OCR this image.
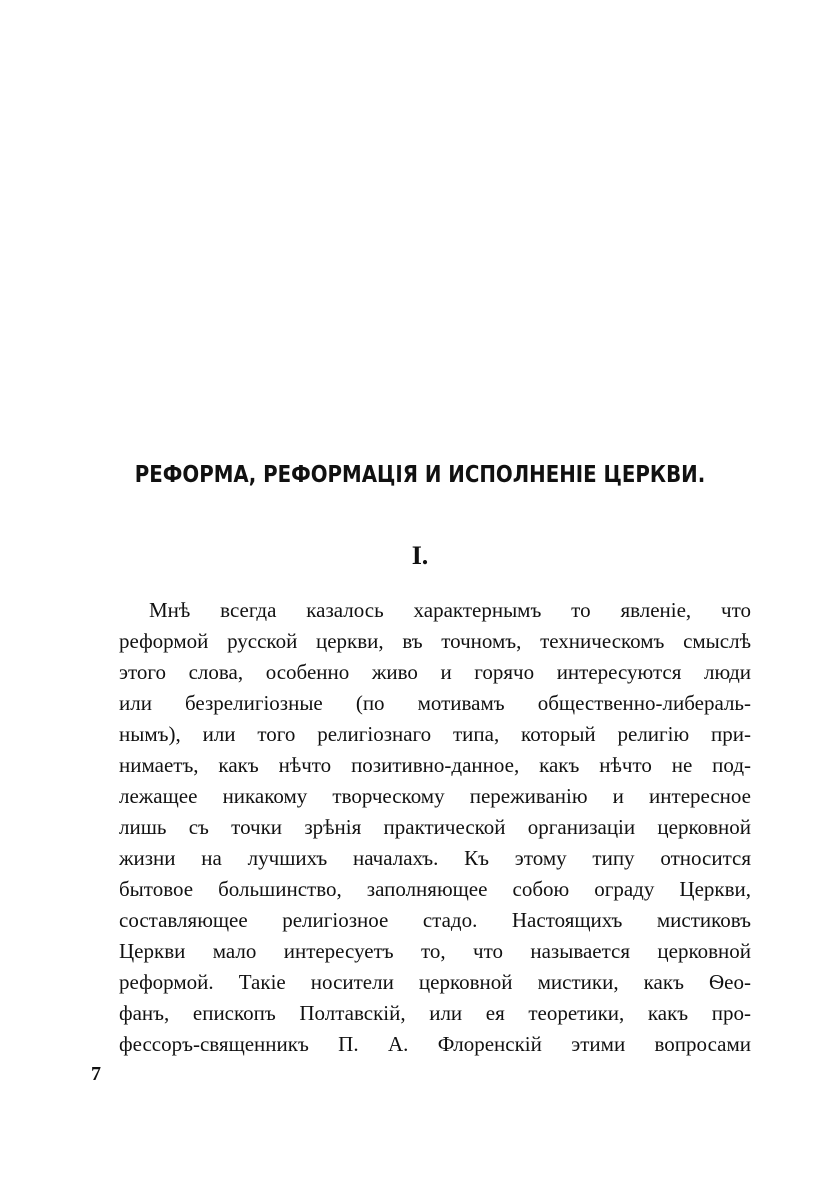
РЕФОРМА, РЕФОРМАЦІЯ И ИСПОЛНЕНІЕ ЦЕРКВИ.
I.
Мнѣ всегда казалось характернымъ то явленіе, что
реформой русской церкви, въ точномъ, техническомъ смыслѣ
этого слова, особенно живо и горячо интересуются люди
или безрелигіозные (по мотивамъ общественно-либераль-
нымъ), или того религіознаго типа, который религію при-
нимаетъ, какъ нѣчто позитивно-данное, какъ нѣчто не под-
лежащее никакому творческому переживанію и интересное
лишь съ точки зрѣнія практической организаціи церковной
жизни на лучшихъ началахъ. Къ этому типу относится
бытовое большинство, заполняющее собою ограду Церкви,
составляющее религіозное стадо. Настоящихъ мистиковъ
Церкви мало интересуетъ то, что называется церковной
реформой. Такіе носители церковной мистики, какъ Ѳео-
фанъ, епископъ Полтавскій, или ея теоретики, какъ про-
фессоръ-священникъ П. А. Флоренскій этими вопросами
7
